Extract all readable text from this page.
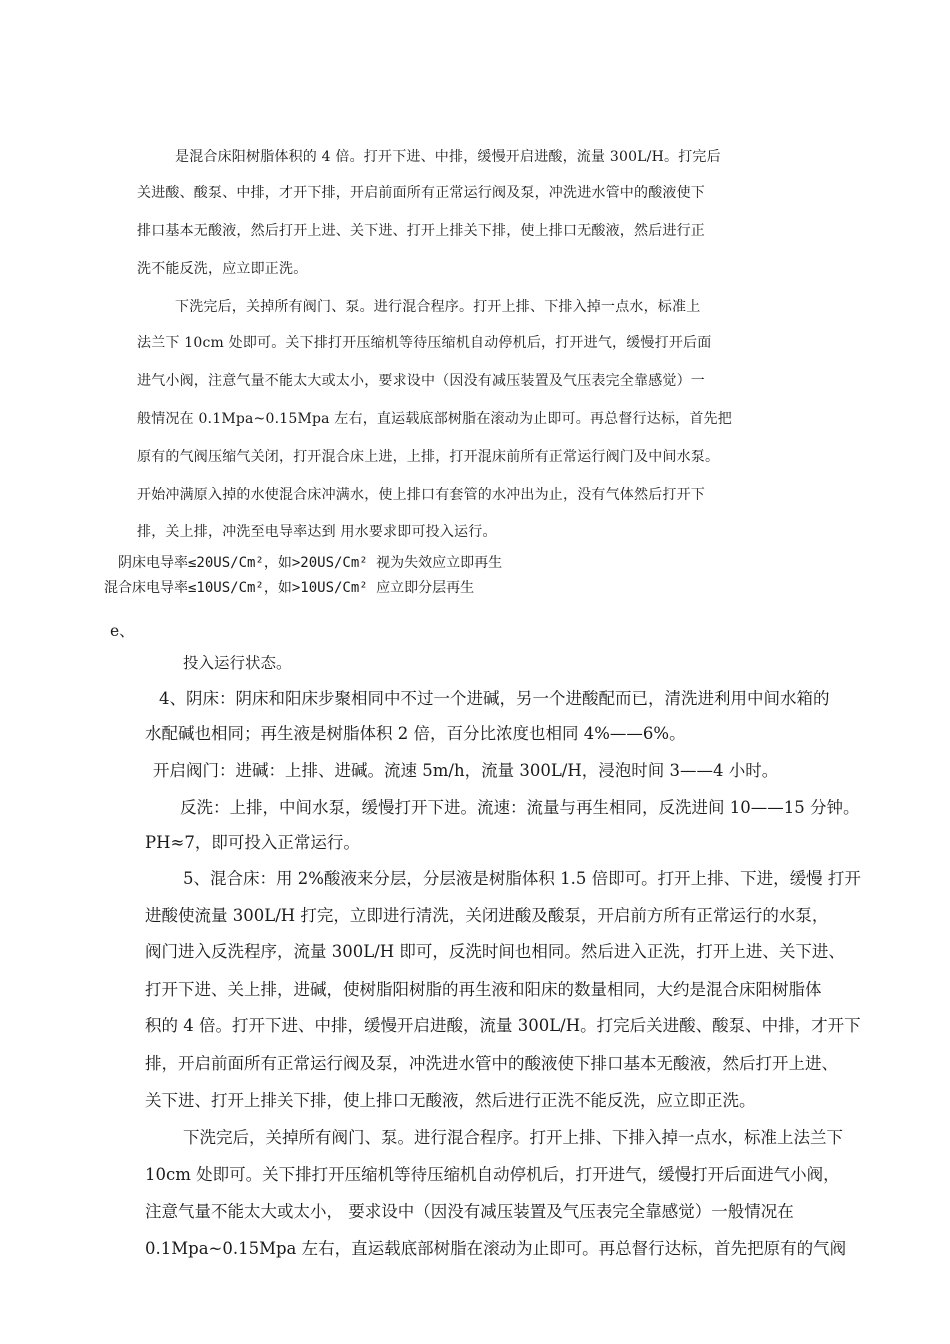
是混合床阳树脂体积的 4 倍。打开下进、中排，缓慢开启进酸，流量 300L/H。打完后
关进酸、酸泵、中排，才开下排，开启前面所有正常运行阀及泵，冲洗进水管中的酸液使下
排口基本无酸液，然后打开上进、关下进、打开上排关下排，使上排口无酸液，然后进行正
洗不能反洗，应立即正洗。
下洗完后，关掉所有阀门、泵。进行混合程序。打开上排、下排入掉一点水，标准上
法兰下 10cm 处即可。关下排打开压缩机等待压缩机自动停机后，打开进气，缓慢打开后面
进气小阀，注意气量不能太大或太小，要求设中（因没有减压装置及气压表完全靠感觉）一
般情况在 0.1Mpa~0.15Mpa 左右，直运载底部树脂在滚动为止即可。再总督行达标，首先把
原有的气阀压缩气关闭，打开混合床上进，上排，打开混床前所有正常运行阀门及中间水泵。
开始冲满原入掉的水使混合床冲满水，使上排口有套管的水冲出为止，没有气体然后打开下
排，关上排，冲洗至电导率达到 用水要求即可投入运行。
阴床电导率≤20US/Cm²，如>20US/Cm² 视为失效应立即再生
混合床电导率≤10US/Cm²，如>10US/Cm² 应立即分层再生
e、
投入运行状态。
4、阴床：阴床和阳床步聚相同中不过一个进碱，另一个进酸配而已，清洗进利用中间水箱的
水配碱也相同；再生液是树脂体积 2 倍，百分比浓度也相同 4%——6%。
开启阀门：进碱：上排、进碱。流速 5m/h，流量 300L/H，浸泡时间 3——4 小时。
反洗：上排，中间水泵，缓慢打开下进。流速：流量与再生相同，反洗进间 10——15 分钟。
PH≈7，即可投入正常运行。
5、混合床：用 2%酸液来分层，分层液是树脂体积 1.5 倍即可。打开上排、下进，缓慢 打开
进酸使流量 300L/H 打完，立即进行清洗，关闭进酸及酸泵，开启前方所有正常运行的水泵，
阀门进入反洗程序，流量 300L/H 即可，反洗时间也相同。然后进入正洗，打开上进、关下进、
打开下进、关上排，进碱，使树脂阳树脂的再生液和阳床的数量相同，大约是混合床阳树脂体
积的 4 倍。打开下进、中排，缓慢开启进酸，流量 300L/H。打完后关进酸、酸泵、中排，才开下
排，开启前面所有正常运行阀及泵，冲洗进水管中的酸液使下排口基本无酸液，然后打开上进、
关下进、打开上排关下排，使上排口无酸液，然后进行正洗不能反洗，应立即正洗。
下洗完后，关掉所有阀门、泵。进行混合程序。打开上排、下排入掉一点水，标准上法兰下
10cm 处即可。关下排打开压缩机等待压缩机自动停机后，打开进气，缓慢打开后面进气小阀，
注意气量不能太大或太小， 要求设中（因没有减压装置及气压表完全靠感觉）一般情况在
0.1Mpa~0.15Mpa 左右，直运载底部树脂在滚动为止即可。再总督行达标，首先把原有的气阀
